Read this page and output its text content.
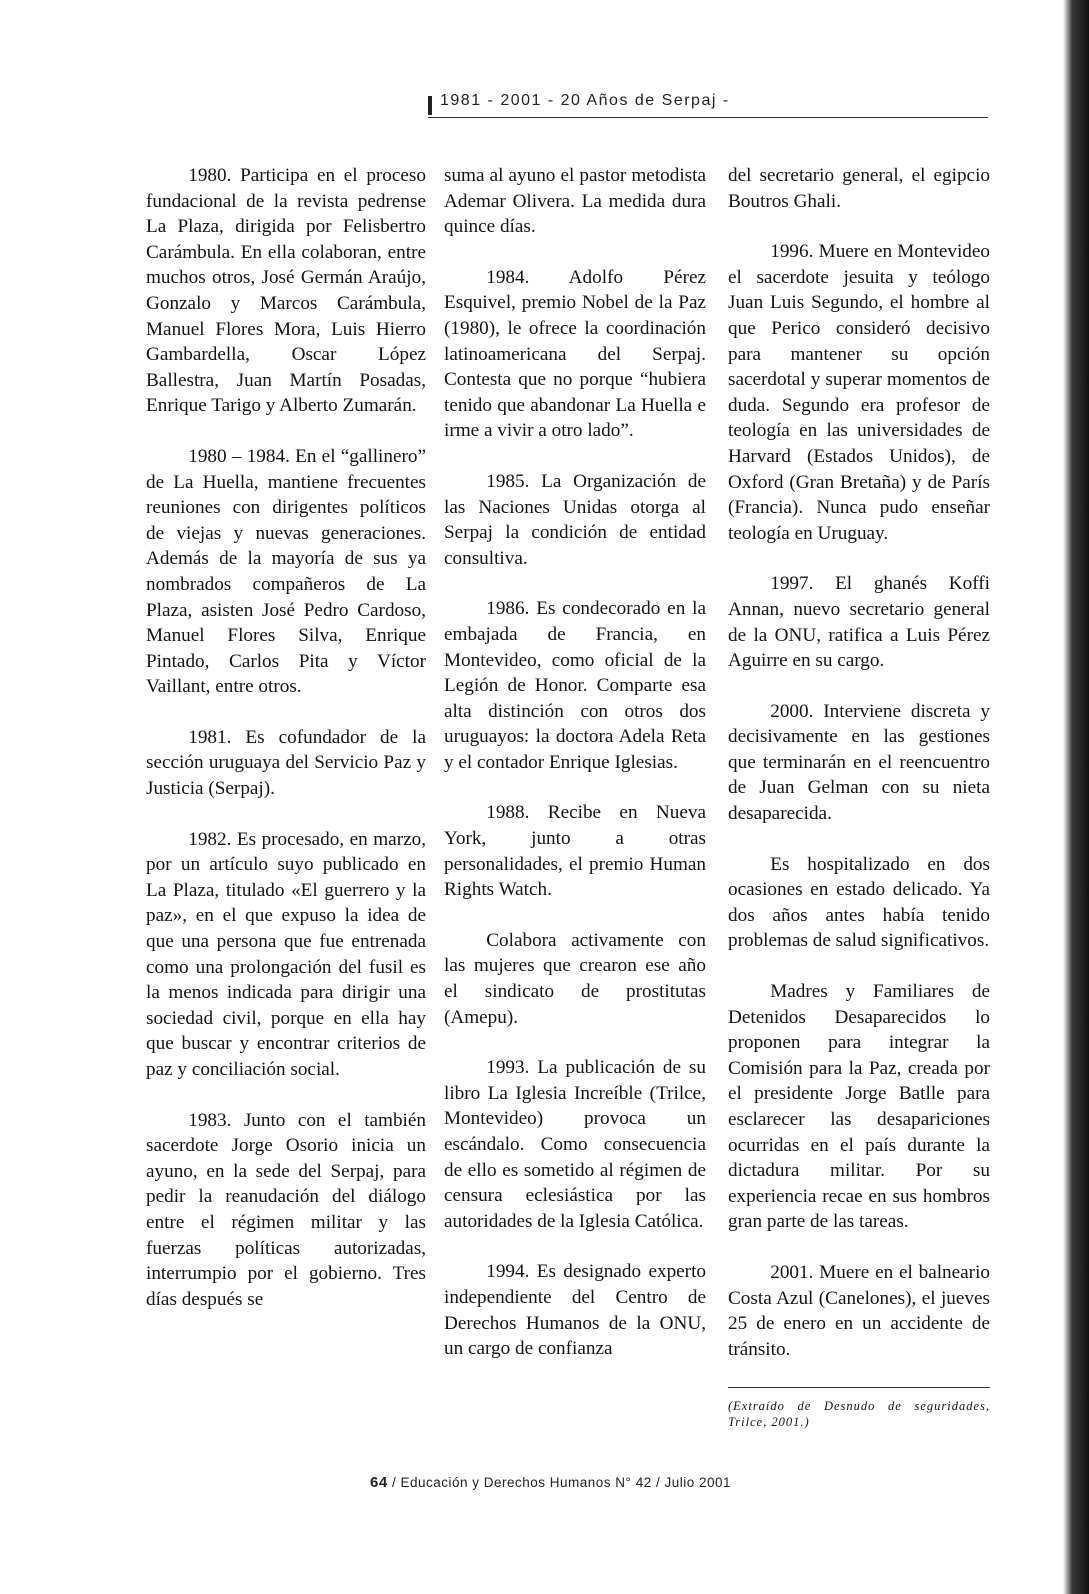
1981 - 2001 - 20 Años de Serpaj -

1980. Participa en el proceso fundacional de la revista pedrense La Plaza, dirigida por Felisbertro Carámbula. En ella colaboran, entre muchos otros, José Germán Araújo, Gonzalo y Marcos Carámbula, Manuel Flores Mora, Luis Hierro Gambardella, Oscar López Ballestra, Juan Martín Posadas, Enrique Tarigo y Alberto Zumarán.

1980 – 1984. En el “gallinero” de La Huella, mantiene frecuentes reuniones con dirigentes políticos de viejas y nuevas generaciones. Además de la mayoría de sus ya nombrados compañeros de La Plaza, asisten José Pedro Cardoso, Manuel Flores Silva, Enrique Pintado, Carlos Pita y Víctor Vaillant, entre otros.

1981. Es cofundador de la sección uruguaya del Servicio Paz y Justicia (Serpaj).

1982. Es procesado, en marzo, por un artículo suyo publicado en La Plaza, titulado «El guerrero y la paz», en el que expuso la idea de que una persona que fue entrenada como una prolongación del fusil es la menos indicada para dirigir una sociedad civil, porque en ella hay que buscar y encontrar criterios de paz y conciliación social.

1983. Junto con el también sacerdote Jorge Osorio inicia un ayuno, en la sede del Serpaj, para pedir la reanudación del diálogo entre el régimen militar y las fuerzas políticas autorizadas, interrumpio por el gobierno. Tres días después se

suma al ayuno el pastor metodista Ademar Olivera. La medida dura quince días.

1984. Adolfo Pérez Esquivel, premio Nobel de la Paz (1980), le ofrece la coordinación latinoamericana del Serpaj. Contesta que no porque “hubiera tenido que abandonar La Huella e irme a vivir a otro lado”.

1985. La Organización de las Naciones Unidas otorga al Serpaj la condición de entidad consultiva.

1986. Es condecorado en la embajada de Francia, en Montevideo, como oficial de la Legión de Honor. Comparte esa alta distinción con otros dos uruguayos: la doctora Adela Reta y el contador Enrique Iglesias.

1988. Recibe en Nueva York, junto a otras personalidades, el premio Human Rights Watch.

Colabora activamente con las mujeres que crearon ese año el sindicato de prostitutas (Amepu).

1993. La publicación de su libro La Iglesia Increíble (Trilce, Montevideo) provoca un escándalo. Como consecuencia de ello es sometido al régimen de censura eclesiástica por las autoridades de la Iglesia Católica.

1994. Es designado experto independiente del Centro de Derechos Humanos de la ONU, un cargo de confianza

del secretario general, el egipcio Boutros Ghali.

1996. Muere en Montevideo el sacerdote jesuita y teólogo Juan Luis Segundo, el hombre al que Perico consideró decisivo para mantener su opción sacerdotal y superar momentos de duda. Segundo era profesor de teología en las universidades de Harvard (Estados Unidos), de Oxford (Gran Bretaña) y de París (Francia). Nunca pudo enseñar teología en Uruguay.

1997. El ghanés Koffi Annan, nuevo secretario general de la ONU, ratifica a Luis Pérez Aguirre en su cargo.

2000. Interviene discreta y decisivamente en las gestiones que terminarán en el reencuentro de Juan Gelman con su nieta desaparecida.

Es hospitalizado en dos ocasiones en estado delicado. Ya dos años antes había tenido problemas de salud significativos.

Madres y Familiares de Detenidos Desaparecidos lo proponen para integrar la Comisión para la Paz, creada por el presidente Jorge Batlle para esclarecer las desapariciones ocurridas en el país durante la dictadura militar. Por su experiencia recae en sus hombros gran parte de las tareas.

2001. Muere en el balneario Costa Azul (Canelones), el jueves 25 de enero en un accidente de tránsito.

(Extraído de Desnudo de seguridades, Trilce, 2001.)

64 / Educación y Derechos Humanos N° 42 / Julio 2001
